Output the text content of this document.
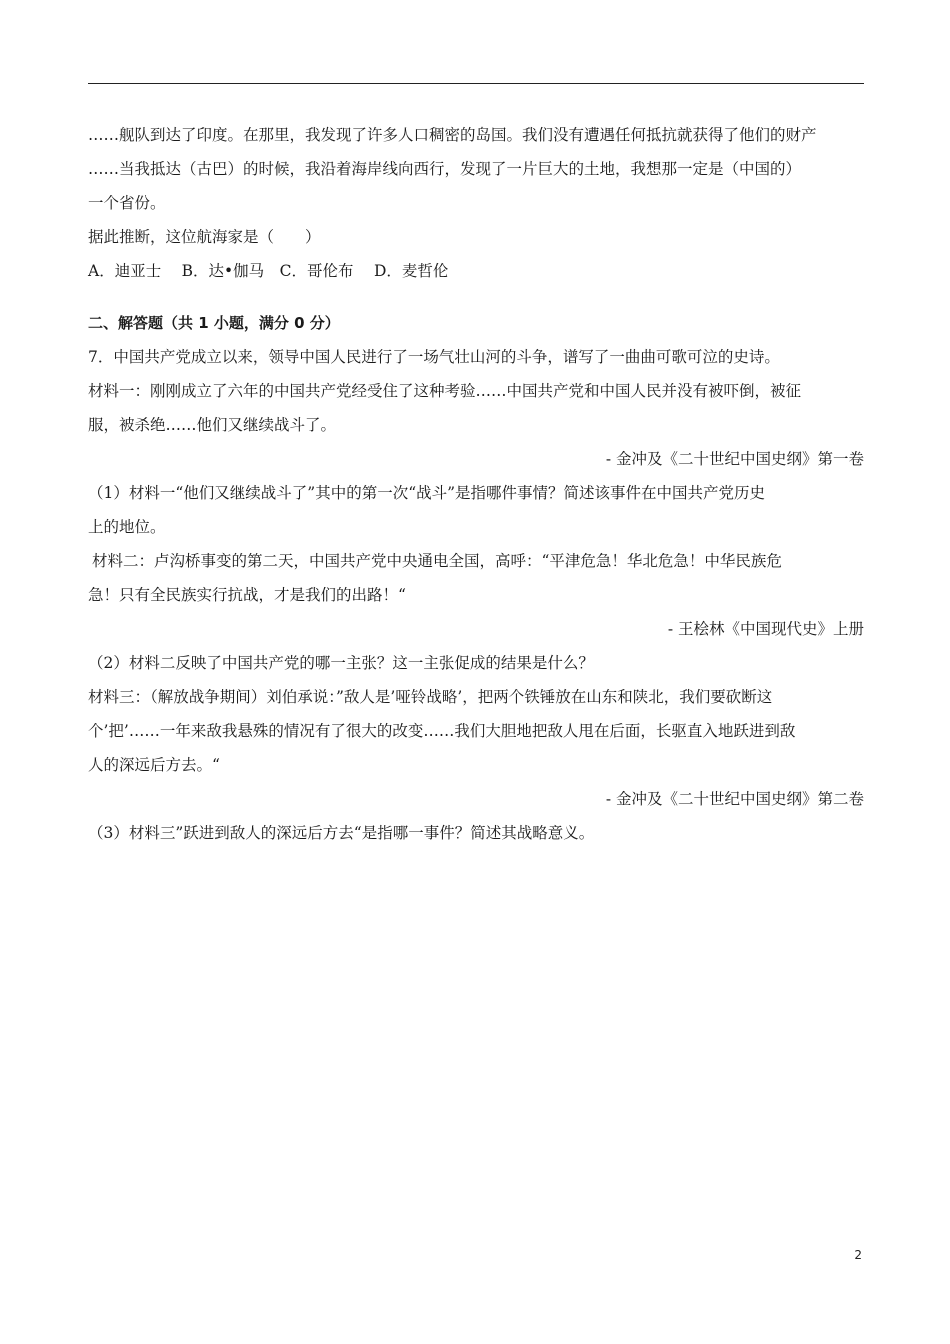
……舰队到达了印度。在那里，我发现了许多人口稠密的岛国。我们没有遭遇任何抵抗就获得了他们的财产
……当我抵达（古巴）的时候，我沿着海岸线向西行，发现了一片巨大的土地，我想那一定是（中国的）
一个省份。
据此推断，这位航海家是（　　）
A．迪亚士　 B．达•伽马　C．哥伦布　 D．麦哲伦
二、解答题（共 1 小题，满分 0 分）
7．中国共产党成立以来，领导中国人民进行了一场气壮山河的斗争，谱写了一曲曲可歌可泣的史诗。
材料一：刚刚成立了六年的中国共产党经受住了这种考验……中国共产党和中国人民并没有被吓倒，被征
服，被杀绝……他们又继续战斗了。
- 金冲及《二十世纪中国史纲》第一卷
（1）材料一“他们又继续战斗了”其中的第一次“战斗”是指哪件事情？简述该事件在中国共产党历史
上的地位。
材料二：卢沟桥事变的第二天，中国共产党中央通电全国，高呼：“平津危急！华北危急！中华民族危
急！只有全民族实行抗战，才是我们的出路！“
- 王桧林《中国现代史》上册
（2）材料二反映了中国共产党的哪一主张？这一主张促成的结果是什么？
材料三：（解放战争期间）刘伯承说：”敌人是’哑铃战略’，把两个铁锤放在山东和陕北，我们要砍断这
个’把’……一年来敌我悬殊的情况有了很大的改变……我们大胆地把敌人甩在后面，长驱直入地跃进到敌
人的深远后方去。“
- 金冲及《二十世纪中国史纲》第二卷
（3）材料三”跃进到敌人的深远后方去“是指哪一事件？简述其战略意义。
2
